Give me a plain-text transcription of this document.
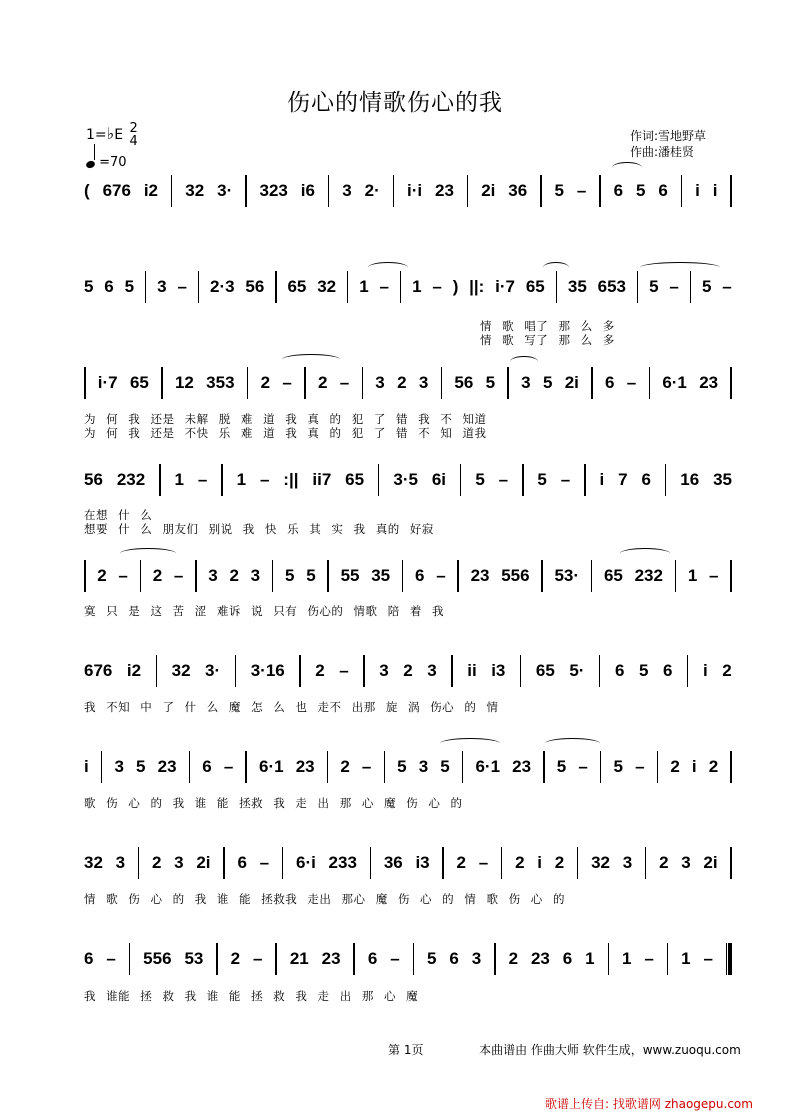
伤心的情歌伤心的我
1=♭E 2
4
=70
作词:雪地野草
作曲:潘桂贤
( 676 i2 32 3· 323 i6 3 2· i·i 23 2i 36 5 – 6 5 6 i i
5 6 5 3 – 2·3 56 65 32 1 – 1 – ) ||: i·7 65 35 653 5 – 5 –
i·7 65 12 353 2 – 2 – 3 2 3 56 5 3 5 2i 6 – 6·1 23
56 232 1 – 1 – :|| ii7 65 3·5 6i 5 – 5 – i 7 6 16 35
2 – 2 – 3 2 3 5 5 55 35 6 – 23 556 53· 65 232 1 –
676 i2 32 3· 3·16 2 – 3 2 3 ii i3 65 5· 6 5 6 i 2
i 3 5 23 6 – 6·1 23 2 – 5 3 5 6·1 23 5 – 5 – 2 i 2
32 3 2 3 2i 6 – 6·i 233 36 i3 2 – 2 i 2 32 3 2 3 2i
6 – 556 53 2 – 21 23 6 – 5 6 3 2 23 6 1 1 – 1 –
情 歌 唱了 那 么 多
情 歌 写了 那 么 多
为 何 我 还是 未解 脱 难 道 我 真 的 犯 了 错 我 不 知道
为 何 我 还是 不快 乐 难 道 我 真 的 犯 了 错 不 知 道我
在想 什 么
想要 什 么 朋友们 别说 我 快 乐 其 实 我 真的 好寂
寞 只 是 这 苦 涩 难诉 说 只有 伤心的 情歌 陪 着 我
我 不知 中 了 什 么 魔 怎 么 也 走不 出那 旋 涡 伤心 的 情
歌 伤 心 的 我 谁 能 拯救 我 走 出 那 心 魔 伤 心 的
情 歌 伤 心 的 我 谁 能 拯救我 走出 那心 魔 伤 心 的 情 歌 伤 心 的
我 谁能 拯 救 我 谁 能 拯 救 我 走 出 那 心 魔
第 1页	本曲谱由 作曲大师 软件生成，www.zuoqu.com
歌谱上传自: 找歌谱网 zhaogepu.com
